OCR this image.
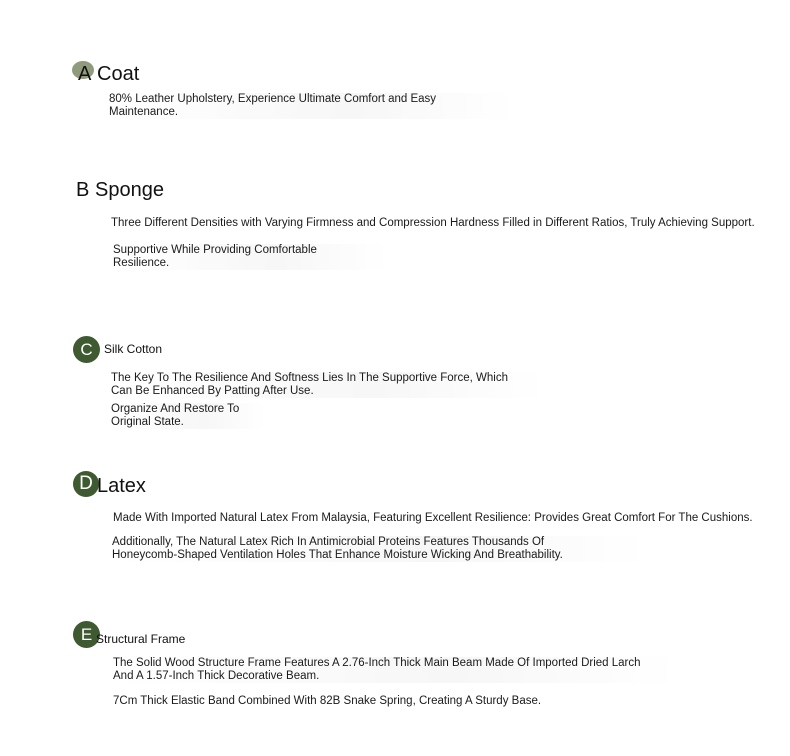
A Coat
80% Leather Upholstery, Experience Ultimate Comfort and Easy
Maintenance.
B Sponge
Three Different Densities with Varying Firmness and Compression Hardness Filled in Different Ratios, Truly Achieving Support.
Supportive While Providing Comfortable
Resilience.
C Silk Cotton
The Key To The Resilience And Softness Lies In The Supportive Force, Which
Can Be Enhanced By Patting After Use.
Organize And Restore To
Original State.
D Latex
Made With Imported Natural Latex From Malaysia, Featuring Excellent Resilience: Provides Great Comfort For The Cushions.
Additionally, The Natural Latex Rich In Antimicrobial Proteins Features Thousands Of
Honeycomb-Shaped Ventilation Holes That Enhance Moisture Wicking And Breathability.
E Structural Frame
The Solid Wood Structure Frame Features A 2.76-Inch Thick Main Beam Made Of Imported Dried Larch
And A 1.57-Inch Thick Decorative Beam.
7Cm Thick Elastic Band Combined With 82B Snake Spring, Creating A Sturdy Base.
